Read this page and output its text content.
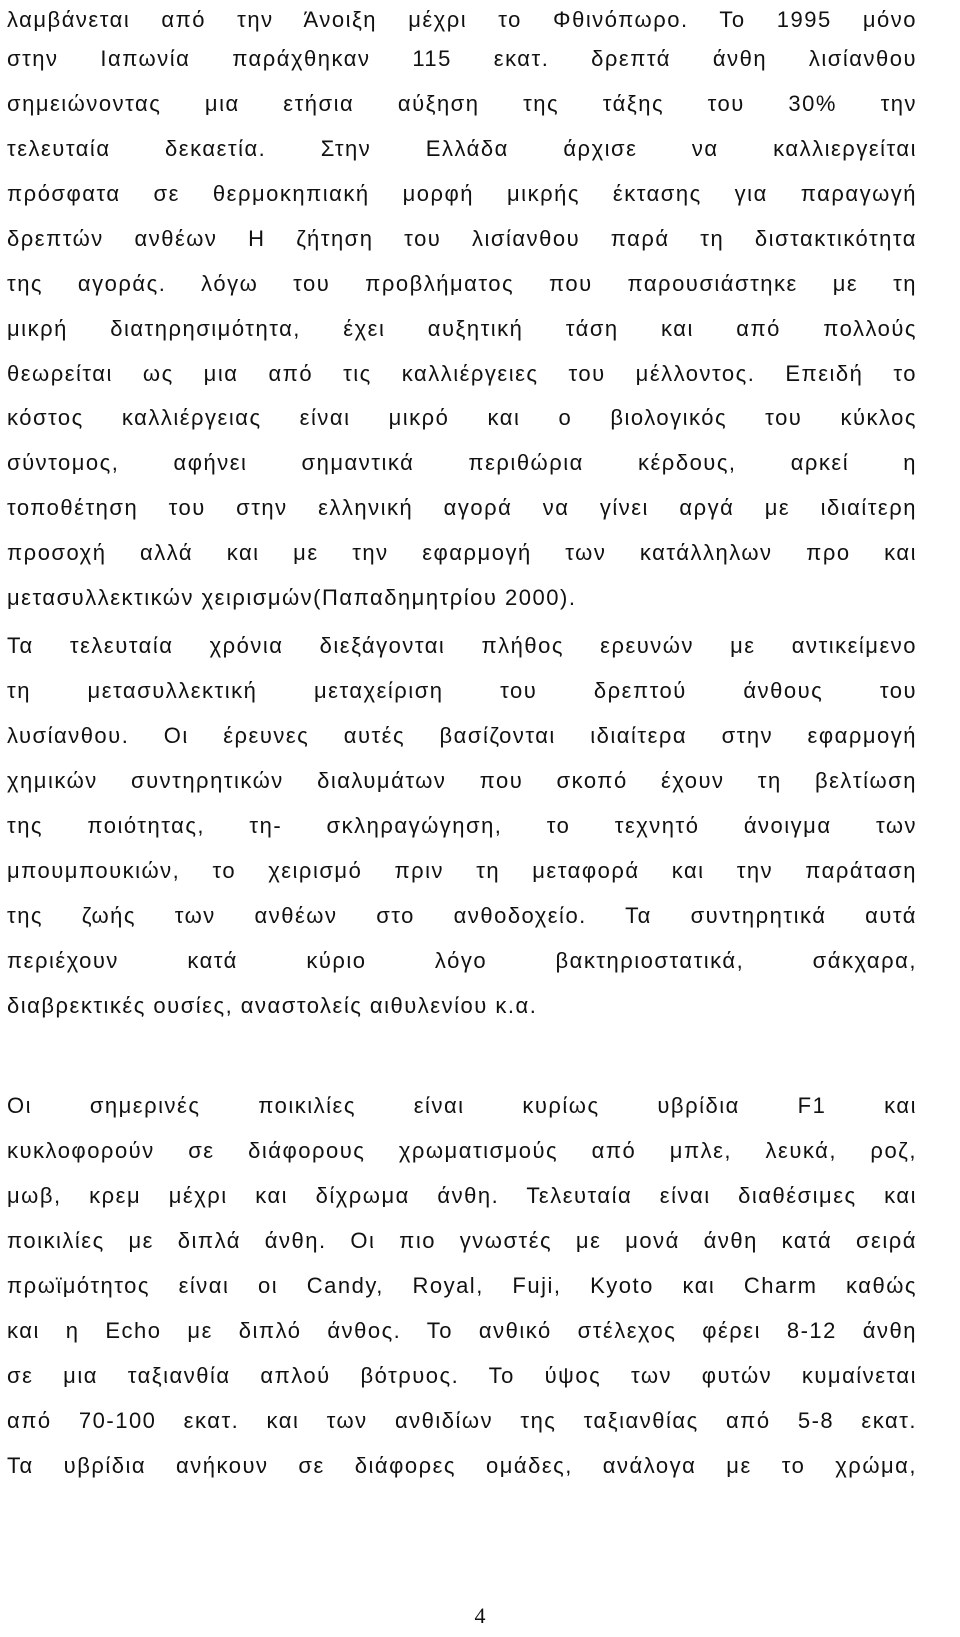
λαμβάνεται από την Άνοιξη μέχρι το Φθινόπωρο. Το 1995 μόνο
στην Ιαπωνία παράχθηκαν 115 εκατ. δρεπτά άνθη λισίανθου
σημειώνοντας μια ετήσια αύξηση της τάξης του 30% την
τελευταία δεκαετία. Στην Ελλάδα άρχισε να καλλιεργείται
πρόσφατα σε θερμοκηπιακή μορφή μικρής έκτασης για παραγωγή
δρεπτών ανθέων Η ζήτηση του λισίανθου παρά τη διστακτικότητα
της αγοράς. λόγω του προβλήματος που παρουσιάστηκε με τη
μικρή διατηρησιμότητα, έχει αυξητική τάση και από πολλούς
θεωρείται ως μια από τις καλλιέργειες του μέλλοντος. Επειδή το
κόστος καλλιέργειας είναι μικρό και ο βιολογικός του κύκλος
σύντομος, αφήνει σημαντικά περιθώρια κέρδους, αρκεί η
τοποθέτηση του στην ελληνική αγορά να γίνει αργά με ιδιαίτερη
προσοχή αλλά και με την εφαρμογή των κατάλληλων προ και
μετασυλλεκτικών χειρισμών(Παπαδημητρίου 2000).
Τα τελευταία χρόνια διεξάγονται πλήθος ερευνών με αντικείμενο
τη μετασυλλεκτική μεταχείριση του δρεπτού άνθους του
λυσίανθου. Οι έρευνες αυτές βασίζονται ιδιαίτερα στην εφαρμογή
χημικών συντηρητικών διαλυμάτων που σκοπό έχουν τη βελτίωση
της ποιότητας, τη- σκληραγώγηση, το τεχνητό άνοιγμα των
μπουμπουκιών, το χειρισμό πριν τη μεταφορά και την παράταση
της ζωής των ανθέων στο ανθοδοχείο. Τα συντηρητικά αυτά
περιέχουν κατά κύριο λόγο βακτηριοστατικά, σάκχαρα,
διαβρεκτικές ουσίες, αναστολείς αιθυλενίου κ.α.
Οι σημερινές ποικιλίες είναι κυρίως υβρίδια F1 και
κυκλοφορούν σε διάφορους χρωματισμούς από μπλε, λευκά, ροζ,
μωβ, κρεμ μέχρι και δίχρωμα άνθη. Τελευταία είναι διαθέσιμες και
ποικιλίες με διπλά άνθη. Οι πιο γνωστές με μονά άνθη κατά σειρά
πρωϊμότητος είναι οι Candy, Royal, Fuji, Kyoto και Charm καθώς
και η Echo με διπλό άνθος. Το ανθικό στέλεχος φέρει 8-12 άνθη
σε μια ταξιανθία απλού βότρυος. Το ύψος των φυτών κυμαίνεται
από 70-100 εκατ. και των ανθιδίων της ταξιανθίας από 5-8 εκατ.
Τα υβρίδια ανήκουν σε διάφορες ομάδες, ανάλογα με το χρώμα,
4
